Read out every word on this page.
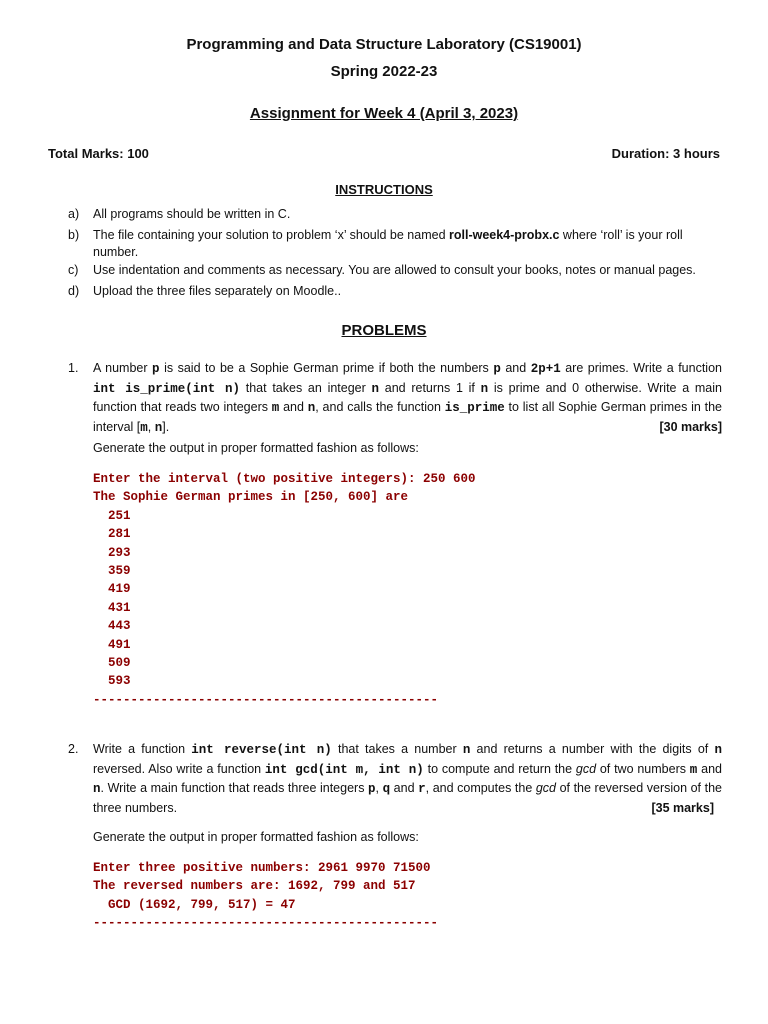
Programming and Data Structure Laboratory (CS19001)
Spring 2022-23
Assignment for Week 4 (April 3, 2023)
Total Marks: 100	Duration: 3 hours
INSTRUCTIONS
a) All programs should be written in C.
b) The file containing your solution to problem ‘x’ should be named roll-week4-probx.c where ‘roll’ is your roll number.
c) Use indentation and comments as necessary. You are allowed to consult your books, notes or manual pages.
d) Upload the three files separately on Moodle..
PROBLEMS
1. A number p is said to be a Sophie German prime if both the numbers p and 2p+1 are primes. Write a function int is_prime(int n) that takes an integer n and returns 1 if n is prime and 0 otherwise. Write a main function that reads two integers m and n, and calls the function is_prime to list all Sophie German primes in the interval [m, n].	[30 marks]
Generate the output in proper formatted fashion as follows:
Enter the interval (two positive integers): 250 600
The Sophie German primes in [250, 600] are
251
281
293
359
419
431
443
491
509
593
----------------------------------------------
2. Write a function int reverse(int n) that takes a number n and returns a number with the digits of n reversed. Also write a function int gcd(int m, int n) to compute and return the gcd of two numbers m and n. Write a main function that reads three integers p, q and r, and computes the gcd of the reversed version of the three numbers.	[35 marks]
Generate the output in proper formatted fashion as follows:
Enter three positive numbers: 2961 9970 71500
The reversed numbers are: 1692, 799 and 517
GCD (1692, 799, 517) = 47
----------------------------------------------
